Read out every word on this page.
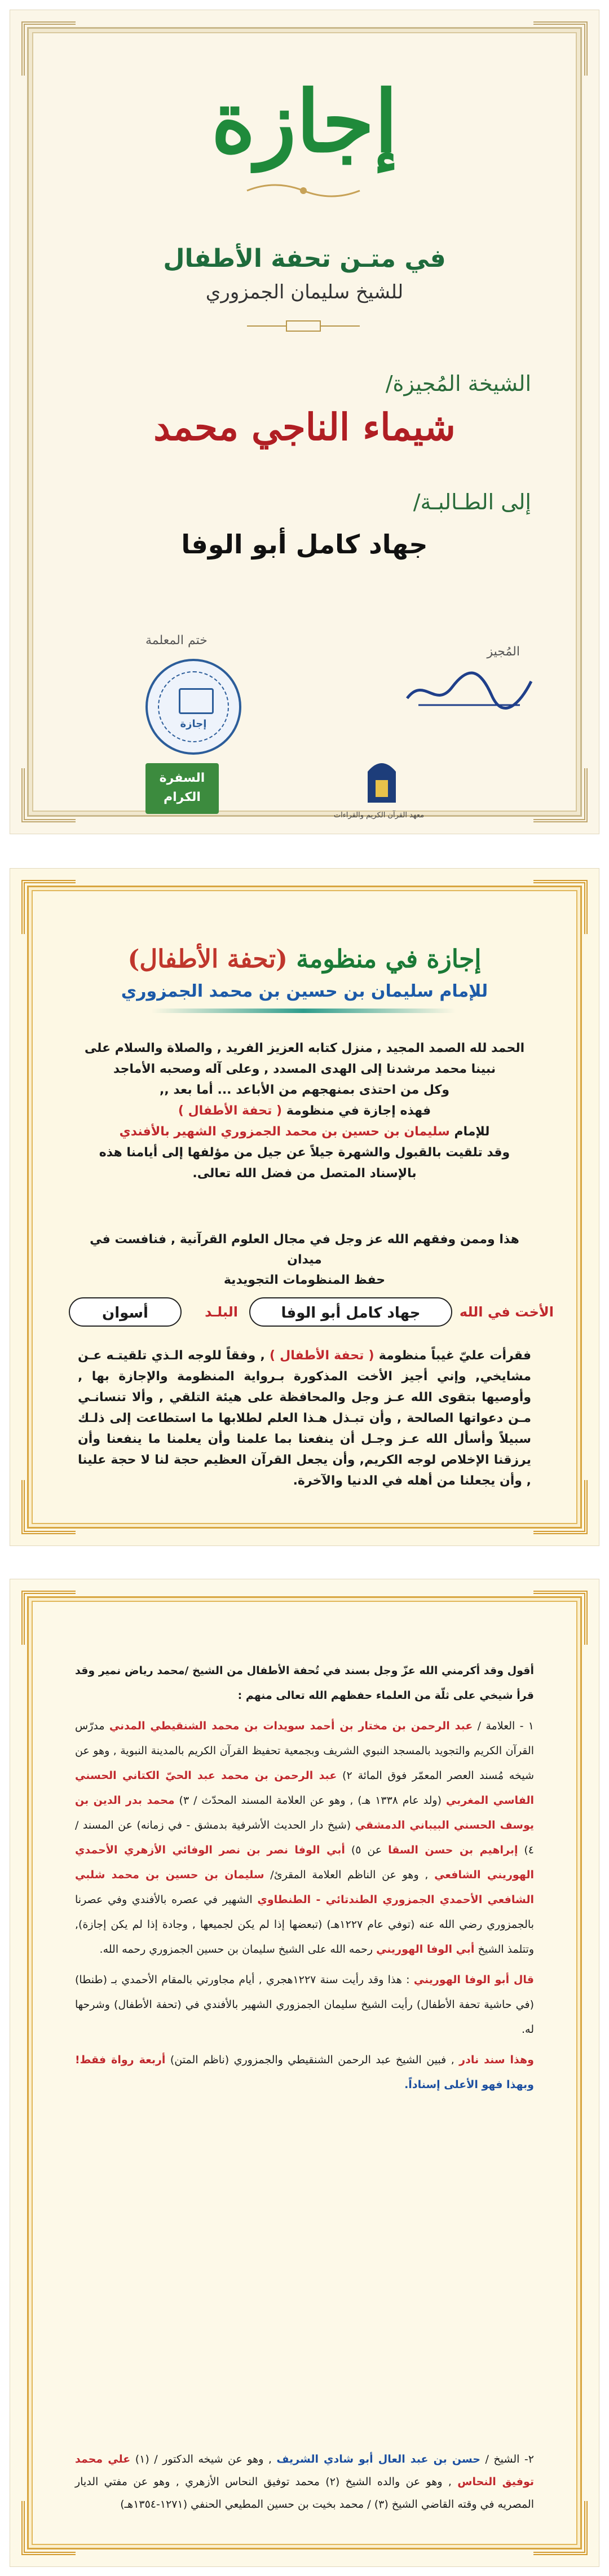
إجازة
في متـن تحفة الأطفال
للشيخ سليمان الجمزوري
الشيخة المُجيزة/
شيماء الناجي محمد
إلى الطـالبـة/
جهاد كامل أبو الوفا
ختم المعلمة
إجازة
المُجيز
السفرة
الكرام
معهد القرآن الكريم والقراءات
إجازة في منظومة (تحفة الأطفال)
للإمام سليمان بن حسين بن محمد الجمزوري

الحمد لله الصمد المجيد , منزل كتابه العزيز الفريد , والصلاة والسلام على

نبينا محمد مرشدنا إلى الهدى المسدد , وعلى آله وصحبه الأماجد

وكل من احتذى بمنهجهم من الأباعد ... أما بعد ,,

فهذه إجازة في منظومة ( تحفة الأطفال )

للإمام سليمان بن حسين بن محمد الجمزوري الشهير بالأفندي

وقد تلقيت بالقبول والشهرة جيلاً عن جيل من مؤلفها إلى أيامنا هذه بالإسناد المتصل من فضل الله تعالى.

هذا وممن وفقهم الله عز وجل في مجال العلوم القرآنية , فنافست في ميدان
حفظ المنظومات التجويدية
الأخت في الله
جهاد كامل أبو الوفا
البلـد
أسوان
فقرأت عليّ غيباً منظومة ( تحفة الأطفال ) , وفقاً للوجه الـذي تلقيتـه عـن مشايخي, وإني أجيز الأخت المذكورة بـرواية المنظومة والإجازة بها , وأوصيها بتقوى الله عـز وجل والمحافظة على هيئة التلقي , وألا تنسانـي مـن دعواتها الصالحة , وأن تبـذل هـذا العلم لطلابها ما استطاعت إلى ذلـك سبيلاً وأسأل الله عـز وجـل أن ينفعنا بما علمنا وأن يعلمنا ما ينفعنا وأن يرزقنا الإخلاص لوجه الكريم, وأن يجعل القرآن العظيم حجة لنا لا حجة علينا , وأن يجعلنا من أهله في الدنيا والآخرة.

أقول وقد أكرمني الله عزّ وجل بسند في تُحفة الأطفال من الشيخ /محمد رياض نمير وقد قرأ شيخي على ثلّة من العلماء حفظهم الله تعالى منهم :

١ - العلامة / عبد الرحمن بن مختار بن أحمد سويدات بن محمد الشنقيطي المدني مدرّس القرآن الكريم والتجويد بالمسجد النبوي الشريف وبجمعية تحفيظ القرآن الكريم بالمدينة النبوية , وهو عن شيخه مُسند العصر المعمّر فوق المائة ٢) عبد الرحمن بن محمد عبد الحيّ الكتاني الحسني الفاسي المغربي (ولد عام ١٣٣٨ هـ) , وهو عن العلامة المسند المحدّث / ٣) محمد بدر الدين بن يوسف الحسني البيباني الدمشقي (شيخ دار الحديث الأشرفية بدمشق - في زمانه) عن المسند / ٤) إبراهيم بن حسن السقا عن ٥) أبي الوفا نصر بن نصر الوفائي الأزهري الأحمدي الهوريني الشافعي , وهو عن الناظم العلامة المقرئ/ سليمان بن حسين بن محمد شلبي الشافعي الأحمدي الجمزوري الطندتائي - الطنطاوي الشهير في عصره بالأفندي وفي عصرنا بالجمزوري رضي الله عنه (توفي عام ١٢٢٧هـ) (تبعضها إذا لم يكن لجميعها , وجادة إذا لم يكن إجازة), وتتلمذ الشيخ أبي الوفا الهوريني رحمه الله على الشيخ سليمان بن حسين الجمزوري رحمه الله.

قال أبو الوفا الهوريني : هذا وقد رأيت سنة ١٢٢٧هجري , أيام مجاورتي بالمقام الأحمدي بـ (طنطا) (في حاشية تحفة الأطفال) رأيت الشيخ سليمان الجمزوري الشهير بالأفندي في (تحفة الأطفال) وشرحها له.

وهذا سند نادر , فبين الشيخ عبد الرحمن الشنقيطي والجمزوري (ناظم المتن) أربعة رواة فقط! وبهذا فهو الأعلى إسناداً.

٢- الشيخ / حسن بن عبد العال أبو شادي الشريف , وهو عن شيخه الدكتور / (١) علي محمد توفيق النحاس , وهو عن والده الشيخ (٢) محمد توفيق النحاس الأزهري , وهو عن مفتي الديار المصريه في وقته القاضي الشيخ (٣) / محمد بخيت بن حسين المطيعي الحنفي (١٢٧١-١٣٥٤هـ)
